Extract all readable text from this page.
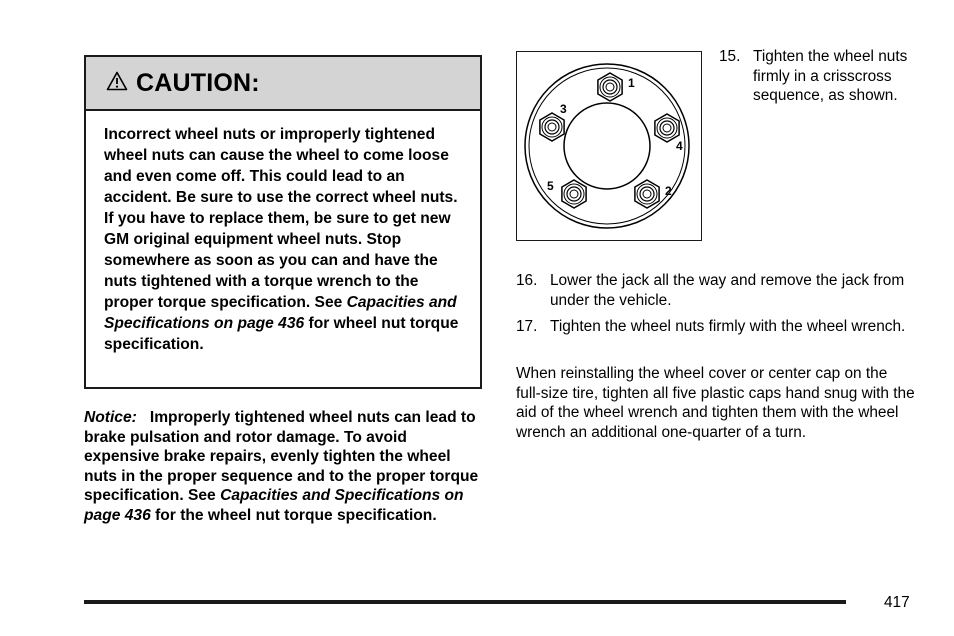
CAUTION:
Incorrect wheel nuts or improperly tightened wheel nuts can cause the wheel to come loose and even come off. This could lead to an accident. Be sure to use the correct wheel nuts. If you have to replace them, be sure to get new GM original equipment wheel nuts. Stop somewhere as soon as you can and have the nuts tightened with a torque wrench to the proper torque specification. See Capacities and Specifications on page 436 for wheel nut torque specification.
Notice: Improperly tightened wheel nuts can lead to brake pulsation and rotor damage. To avoid expensive brake repairs, evenly tighten the wheel nuts in the proper sequence and to the proper torque specification. See Capacities and Specifications on page 436 for the wheel nut torque specification.
1
2
3
4
5
15. Tighten the wheel nuts firmly in a crisscross sequence, as shown.
16. Lower the jack all the way and remove the jack from under the vehicle.
17. Tighten the wheel nuts firmly with the wheel wrench.
When reinstalling the wheel cover or center cap on the full-size tire, tighten all five plastic caps hand snug with the aid of the wheel wrench and tighten them with the wheel wrench an additional one-quarter of a turn.
417
